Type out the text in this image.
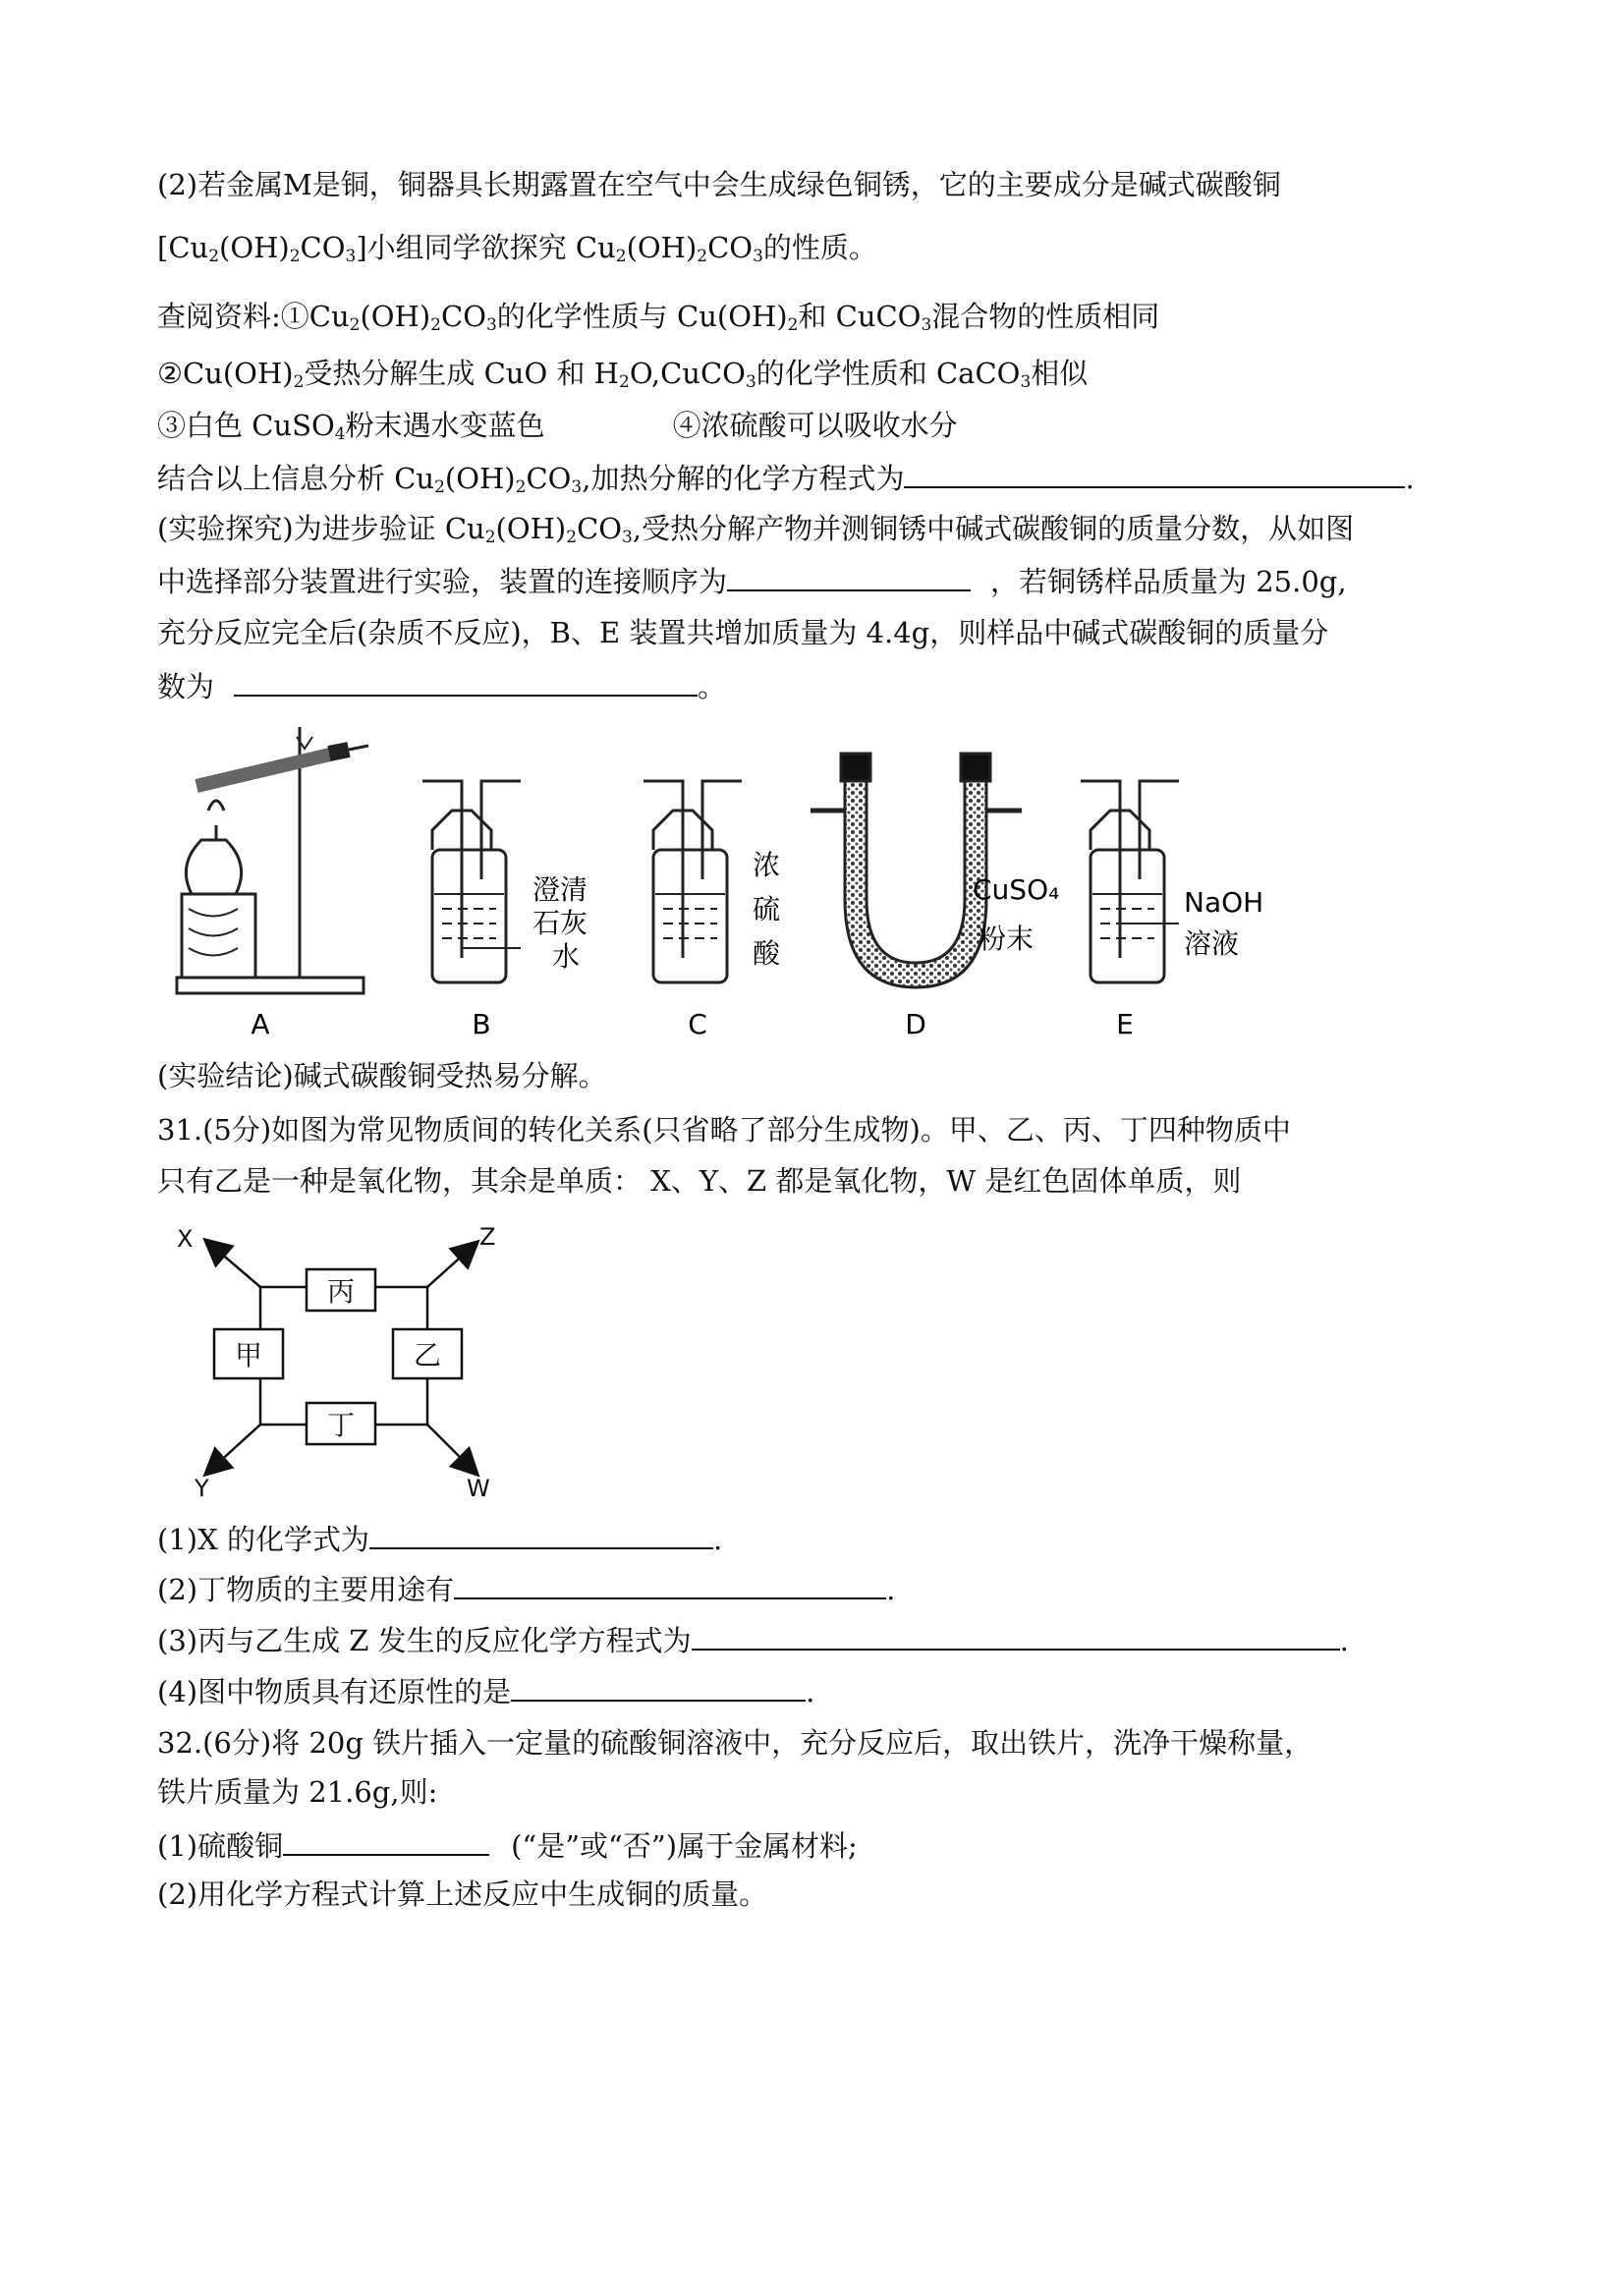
(2)若金属M是铜，铜器具长期露置在空气中会生成绿色铜锈，它的主要成分是碱式碳酸铜
$[Cu_2(OH)_2CO_3]$小组同学欲探究 $Cu_2(OH)_2CO_3$的性质。
查阅资料$:①Cu_2(OH)_2CO_3$的化学性质与 $Cu(OH)_2$和 CuCO$_3$混合物的性质相同
$②Cu(OH)_2$受热分解生成 CuO 和 $H_2O,CuCO_3$的化学性质和 CaCO$_3$相似
③白色 CuSO$_4$粉末遇水变蓝色	④浓硫酸可以吸收水分
结合以上信息分析 $Cu_2(OH)_2CO_3$,加热分解的化学方程式为	.
(实验探究)为进步验证 $Cu_2(OH)_2CO_3$,受热分解产物并测铜锈中碱式碳酸铜的质量分数，从如图
中选择部分装置进行实验，装置的连接顺序为	，若铜锈样品质量为 25.0g,
充分反应完全后(杂质不反应)，B、E 装置共增加质量为 4.4g，则样品中碱式碳酸铜的质量分
数为	。
A	B
澄清
石灰
水
C
浓
硫
酸
D
CuSO₄
粉末
E
NaOH
溶液
(实验结论)碱式碳酸铜受热易分解。
31.(5分)如图为常见物质间的转化关系(只省略了部分生成物)。甲、乙、丙、丁四种物质中
只有乙是一种是氧化物，其余是单质： X、Y、Z 都是氧化物，W 是红色固体单质，则
丙
甲	乙
丁
X	Z
Y	W
(1)X 的化学式为	.
(2)丁物质的主要用途有	.
(3)丙与乙生成 Z 发生的反应化学方程式为	.
(4)图中物质具有还原性的是	.
32.(6分)将 20g 铁片插入一定量的硫酸铜溶液中，充分反应后，取出铁片，洗净干燥称量，
铁片质量为 21.6g,则:
(1)硫酸铜	(“是”或“否”)属于金属材料;
(2)用化学方程式计算上述反应中生成铜的质量。
